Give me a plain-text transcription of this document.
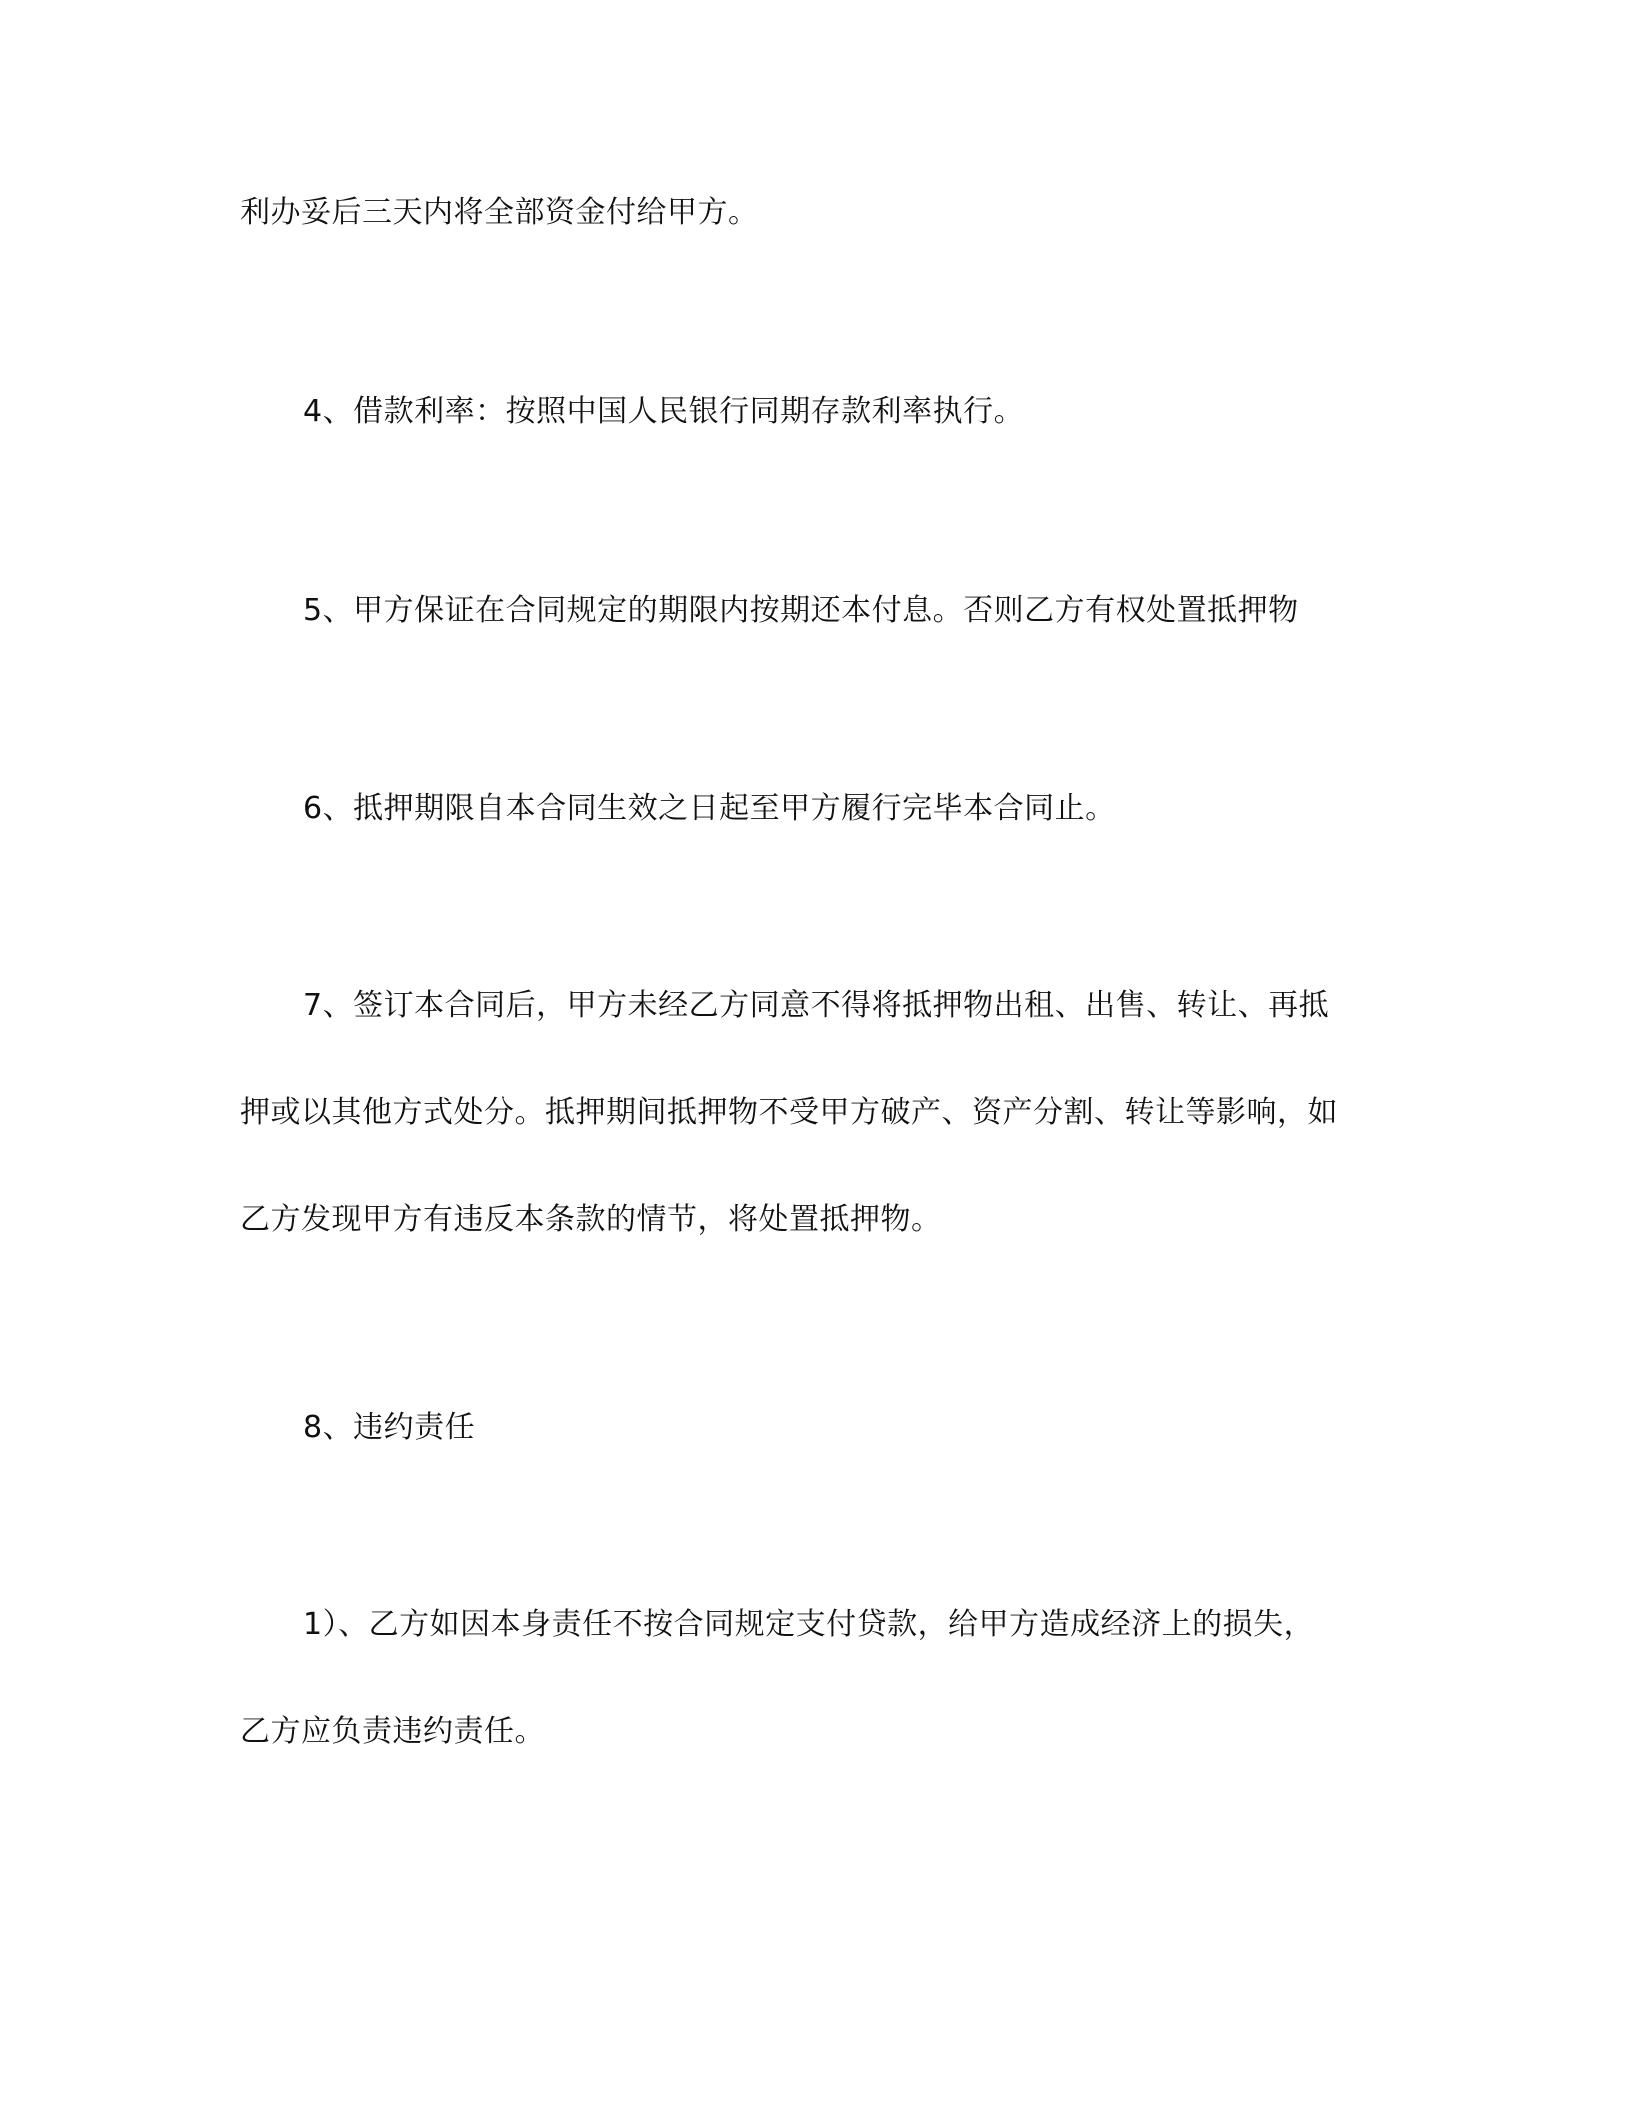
利办妥后三天内将全部资金付给甲方。
4、借款利率：按照中国人民银行同期存款利率执行。
5、甲方保证在合同规定的期限内按期还本付息。否则乙方有权处置抵押物
6、抵押期限自本合同生效之日起至甲方履行完毕本合同止。
7、签订本合同后，甲方未经乙方同意不得将抵押物出租、出售、转让、再抵
押或以其他方式处分。抵押期间抵押物不受甲方破产、资产分割、转让等影响，如
乙方发现甲方有违反本条款的情节，将处置抵押物。
8、违约责任
1）、乙方如因本身责任不按合同规定支付贷款，给甲方造成经济上的损失，
乙方应负责违约责任。
